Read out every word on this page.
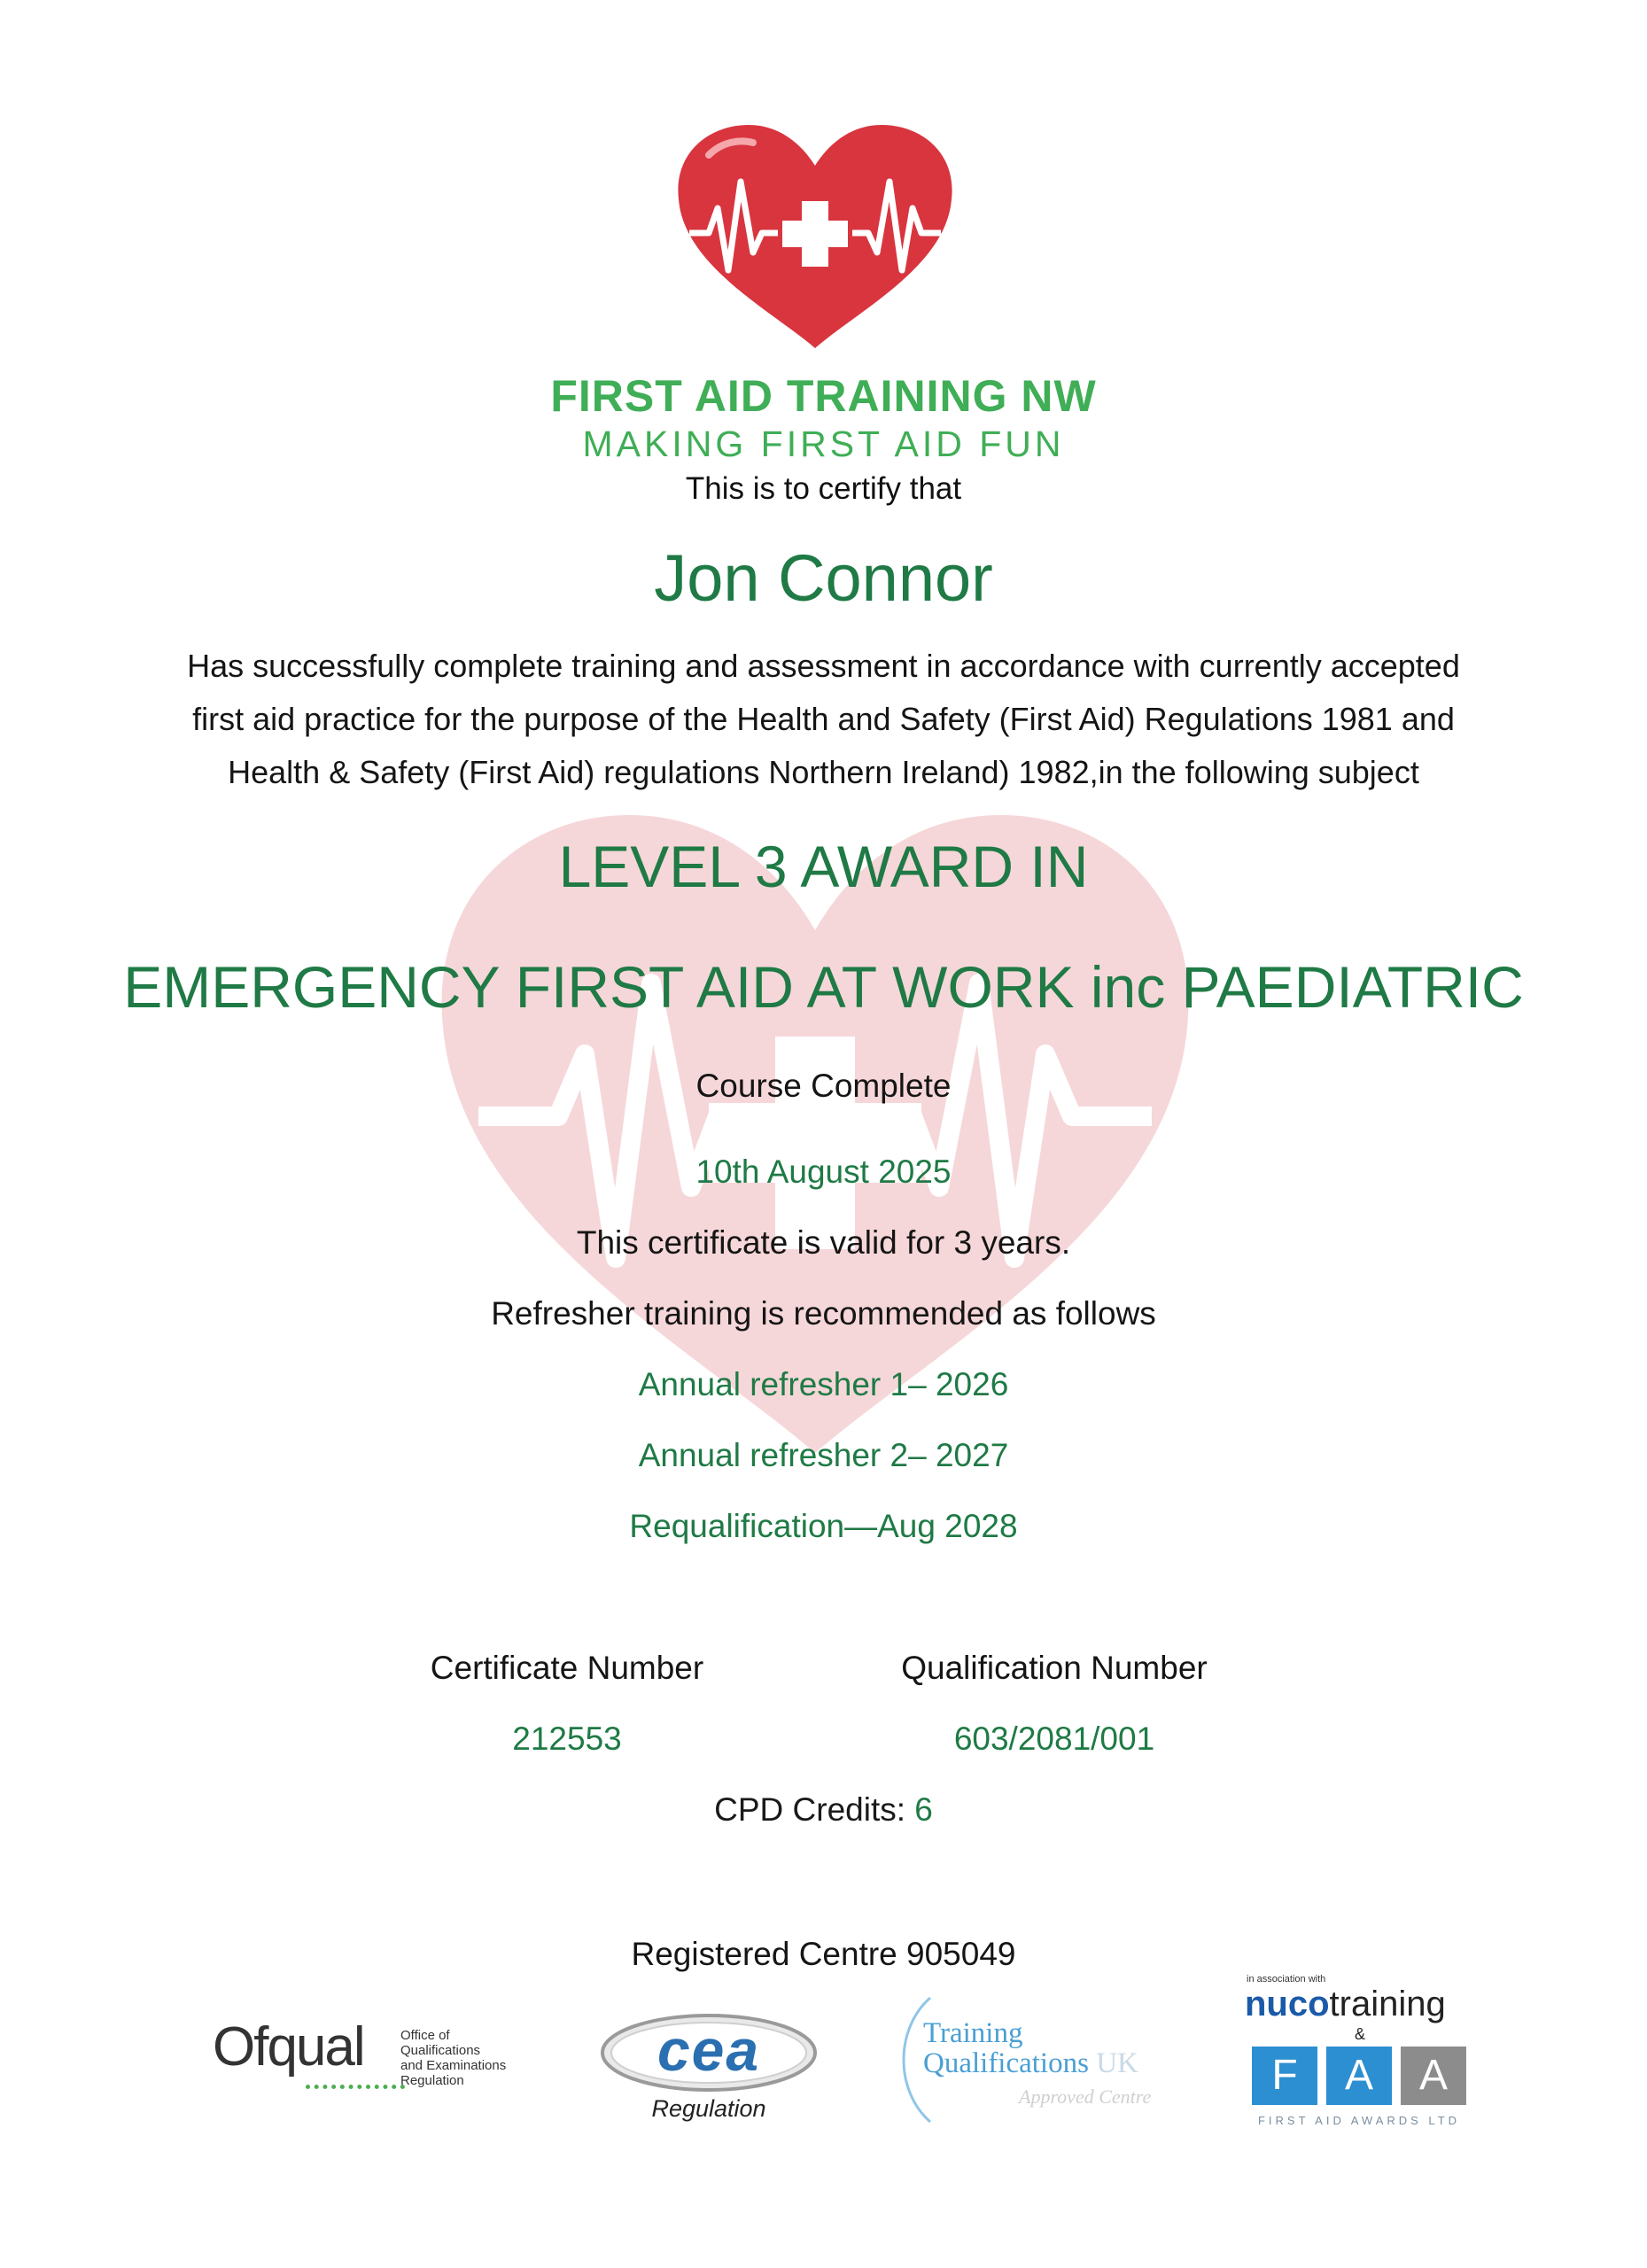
FIRST AID TRAINING NW
MAKING FIRST AID FUN
This is to certify that
Jon Connor
Has successfully complete training and assessment in accordance with currently accepted
first aid practice for the purpose of the Health and Safety (First Aid) Regulations 1981 and
Health & Safety (First Aid) regulations Northern Ireland) 1982,in the following subject
LEVEL 3 AWARD IN
EMERGENCY FIRST AID AT WORK inc PAEDIATRIC
Course Complete
10th August 2025
This certificate is valid for 3 years.
Refresher training is recommended as follows
Annual refresher 1– 2026
Annual refresher 2– 2027
Requalification—Aug 2028
Certificate Number
212553
Qualification Number
603/2081/001
CPD Credits: 6
Registered Centre 905049
Ofqual	Office of
Qualifications
and Examinations
Regulation	cea
Regulation
Training
Qualifications UK
Approved Centre
in association with
nucotraining
&
F	A	A
FIRST AID AWARDS LTD
